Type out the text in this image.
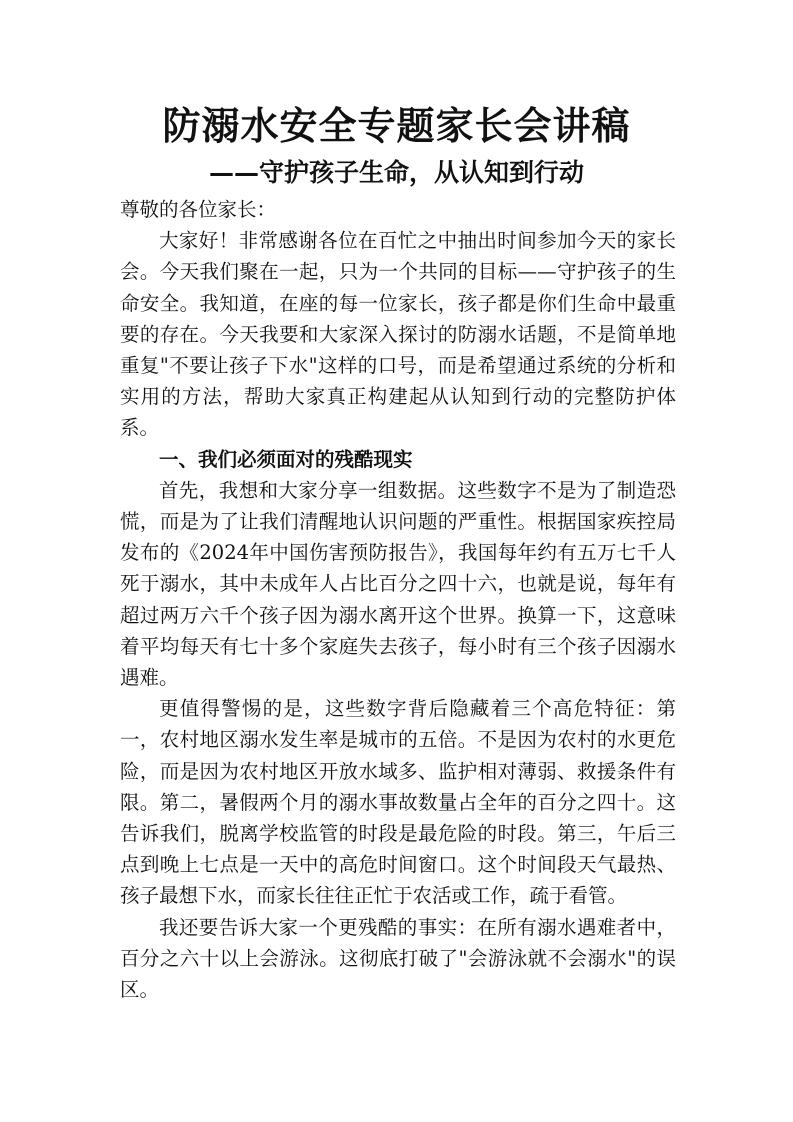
防溺水安全专题家长会讲稿
——守护孩子生命，从认知到行动

尊敬的各位家长：

大家好！非常感谢各位在百忙之中抽出时间参加今天的家长会。今天我们聚在一起，只为一个共同的目标——守护孩子的生命安全。我知道，在座的每一位家长，孩子都是你们生命中最重要的存在。今天我要和大家深入探讨的防溺水话题，不是简单地重复"不要让孩子下水"这样的口号，而是希望通过系统的分析和实用的方法，帮助大家真正构建起从认知到行动的完整防护体系。

一、我们必须面对的残酷现实

首先，我想和大家分享一组数据。这些数字不是为了制造恐慌，而是为了让我们清醒地认识问题的严重性。根据国家疾控局发布的《2024年中国伤害预防报告》，我国每年约有五万七千人死于溺水，其中未成年人占比百分之四十六，也就是说，每年有超过两万六千个孩子因为溺水离开这个世界。换算一下，这意味着平均每天有七十多个家庭失去孩子，每小时有三个孩子因溺水遇难。

更值得警惕的是，这些数字背后隐藏着三个高危特征：第一，农村地区溺水发生率是城市的五倍。不是因为农村的水更危险，而是因为农村地区开放水域多、监护相对薄弱、救援条件有限。第二，暑假两个月的溺水事故数量占全年的百分之四十。这告诉我们，脱离学校监管的时段是最危险的时段。第三，午后三点到晚上七点是一天中的高危时间窗口。这个时间段天气最热、孩子最想下水，而家长往往正忙于农活或工作，疏于看管。

我还要告诉大家一个更残酷的事实：在所有溺水遇难者中，百分之六十以上会游泳。这彻底打破了"会游泳就不会溺水"的误区。
